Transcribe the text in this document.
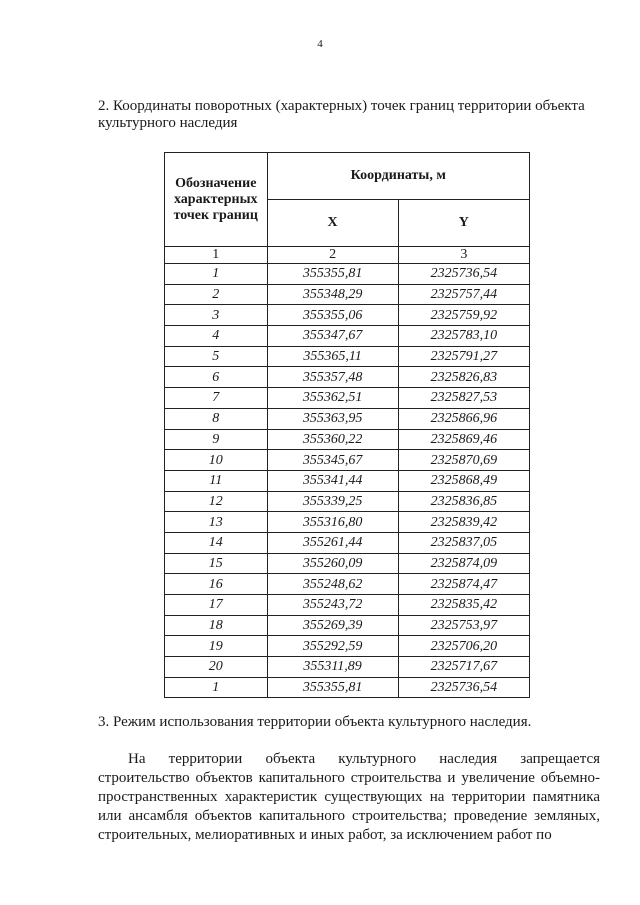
4
2. Координаты поворотных (характерных) точек границ территории объекта культурного наследия
Обозначение характерных точек границ	Координаты, м	
	X	Y
1	2	3
1	355355,81	2325736,54
2	355348,29	2325757,44
3	355355,06	2325759,92
4	355347,67	2325783,10
5	355365,11	2325791,27
6	355357,48	2325826,83
7	355362,51	2325827,53
8	355363,95	2325866,96
9	355360,22	2325869,46
10	355345,67	2325870,69
11	355341,44	2325868,49
12	355339,25	2325836,85
13	355316,80	2325839,42
14	355261,44	2325837,05
15	355260,09	2325874,09
16	355248,62	2325874,47
17	355243,72	2325835,42
18	355269,39	2325753,97
19	355292,59	2325706,20
20	355311,89	2325717,67
1	355355,81	2325736,54
3. Режим использования территории объекта культурного наследия.
На территории объекта культурного наследия запрещается
строительство объектов капитального строительства и увеличение объемно-пространственных характеристик существующих на территории памятника или ансамбля объектов капитального строительства; проведение земляных, строительных, мелиоративных и иных работ, за исключением работ по
